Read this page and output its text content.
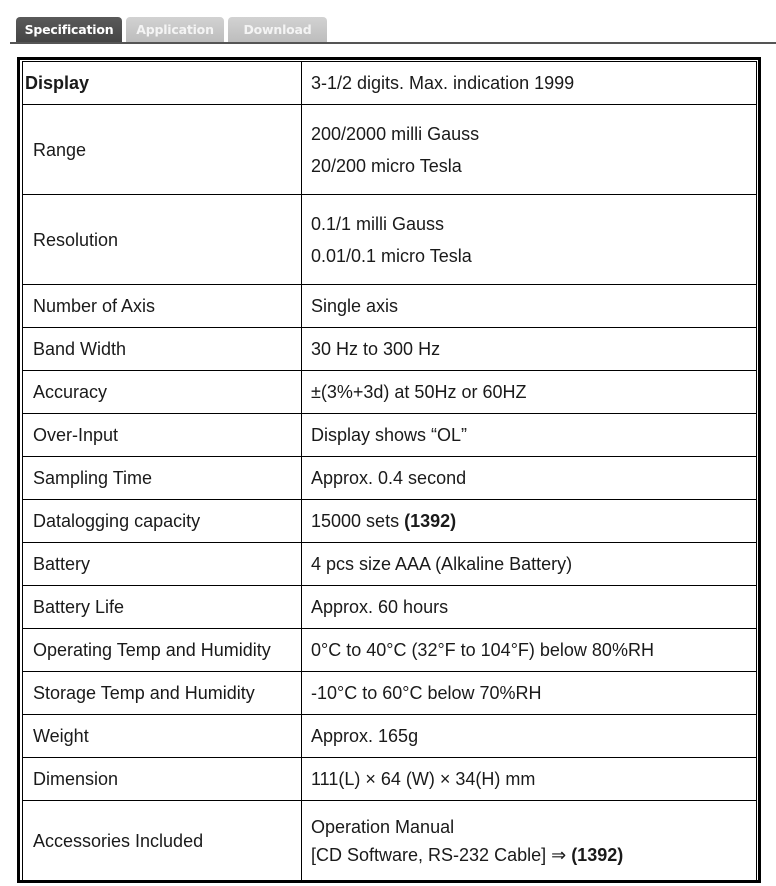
Specification	Application	Download
Display	3-1/2 digits. Max. indication 1999
Range	200/2000 milli Gauss
20/200 micro Tesla

Resolution	0.1/1 milli Gauss
0.01/0.1 micro Tesla

Number of Axis	Single axis
Band Width	30 Hz to 300 Hz
Accuracy	±(3%+3d) at 50Hz or 60HZ
Over-Input	Display shows “OL”
Sampling Time	Approx. 0.4 second
Datalogging capacity	15000 sets (1392)
Battery	4 pcs size AAA (Alkaline Battery)
Battery Life	Approx. 60 hours
Operating Temp and Humidity	0°C to 40°C (32°F to 104°F) below 80%RH
Storage Temp and Humidity	-10°C to 60°C below 70%RH
Weight	Approx. 165g
Dimension	111(L) × 64 (W) × 34(H) mm
Accessories Included	Operation Manual
[CD Software, RS-232 Cable] ⇒ (1392)
